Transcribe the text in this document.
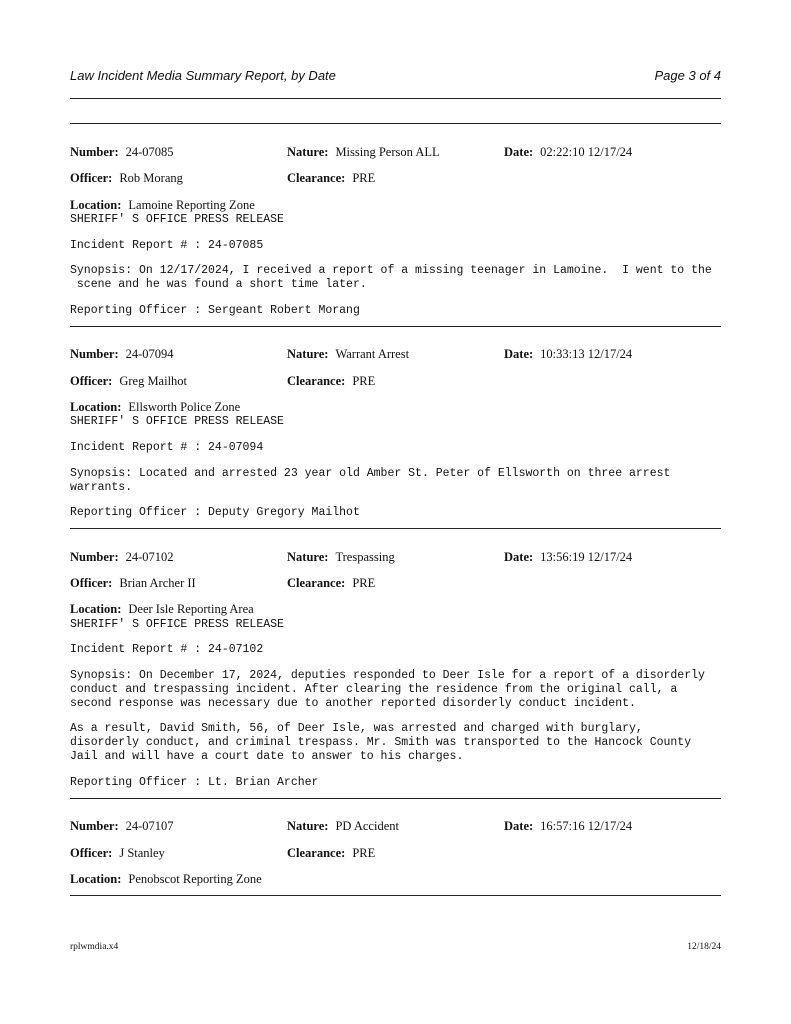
Law Incident Media Summary Report, by Date	Page 3 of 4
Number: 24-07085	Nature: Missing Person ALL	Date: 02:22:10 12/17/24
Officer: Rob Morang	Clearance: PRE
Location: Lamoine Reporting Zone
SHERIFF' S OFFICE PRESS RELEASE
Incident Report # : 24-07085
Synopsis: On 12/17/2024, I received a report of a missing teenager in Lamoine.  I went to the
scene and he was found a short time later.
Reporting Officer : Sergeant Robert Morang
Number: 24-07094	Nature: Warrant Arrest	Date: 10:33:13 12/17/24
Officer: Greg Mailhot	Clearance: PRE
Location: Ellsworth Police Zone
SHERIFF' S OFFICE PRESS RELEASE
Incident Report # : 24-07094
Synopsis: Located and arrested 23 year old Amber St. Peter of Ellsworth on three arrest
warrants.
Reporting Officer : Deputy Gregory Mailhot
Number: 24-07102	Nature: Trespassing	Date: 13:56:19 12/17/24
Officer: Brian Archer II	Clearance: PRE
Location: Deer Isle Reporting Area
SHERIFF' S OFFICE PRESS RELEASE
Incident Report # : 24-07102
Synopsis: On December 17, 2024, deputies responded to Deer Isle for a report of a disorderly
conduct and trespassing incident. After clearing the residence from the original call, a
second response was necessary due to another reported disorderly conduct incident.
As a result, David Smith, 56, of Deer Isle, was arrested and charged with burglary,
disorderly conduct, and criminal trespass. Mr. Smith was transported to the Hancock County
Jail and will have a court date to answer to his charges.
Reporting Officer : Lt. Brian Archer
Number: 24-07107	Nature: PD Accident	Date: 16:57:16 12/17/24
Officer: J Stanley	Clearance: PRE
Location: Penobscot Reporting Zone
rplwmdia.x4	12/18/24
